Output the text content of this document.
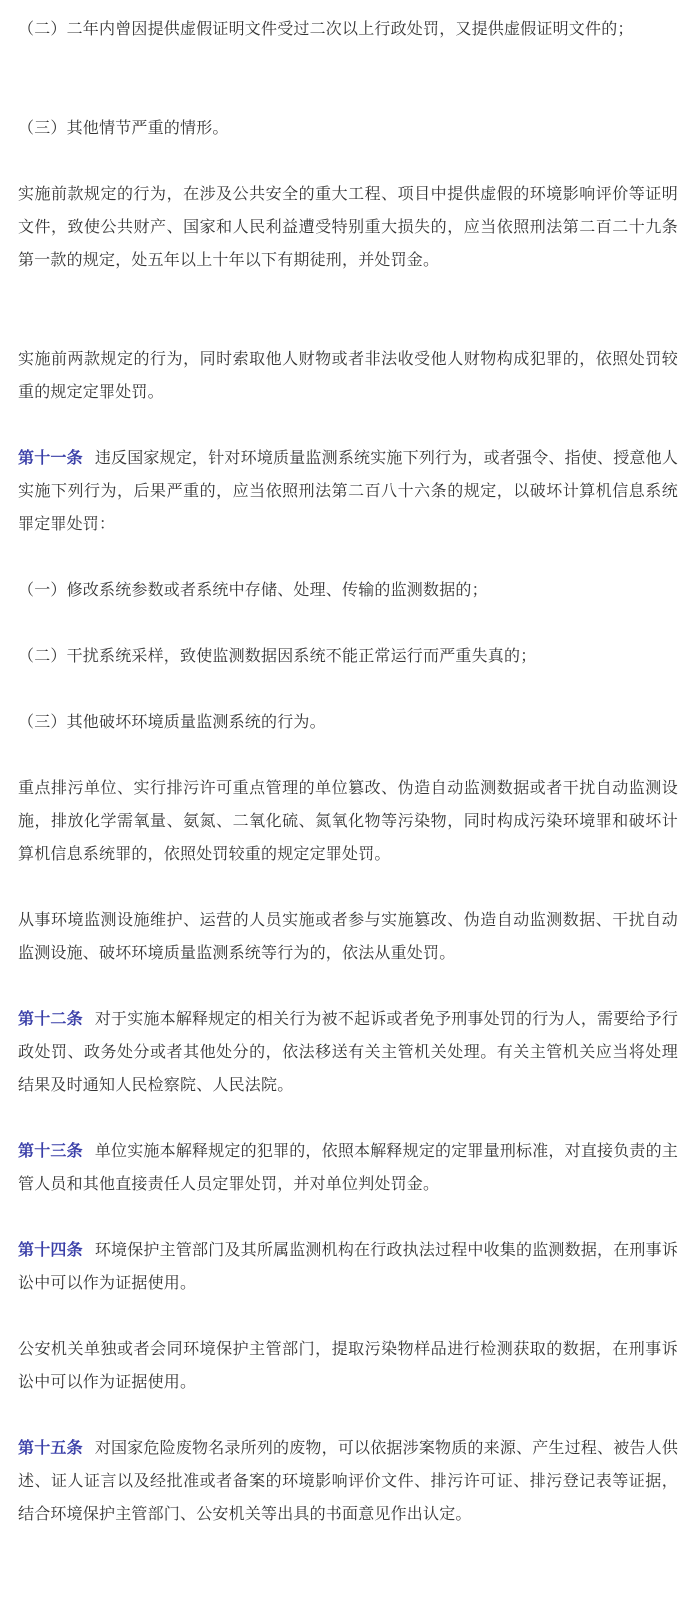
（二）二年内曾因提供虚假证明文件受过二次以上行政处罚，又提供虚假证明文件的；

（三）其他情节严重的情形。

实施前款规定的行为，在涉及公共安全的重大工程、项目中提供虚假的环境影响评价等证明文件，致使公共财产、国家和人民利益遭受特别重大损失的，应当依照刑法第二百二十九条第一款的规定，处五年以上十年以下有期徒刑，并处罚金。

实施前两款规定的行为，同时索取他人财物或者非法收受他人财物构成犯罪的，依照处罚较重的规定定罪处罚。

第十一条 违反国家规定，针对环境质量监测系统实施下列行为，或者强令、指使、授意他人实施下列行为，后果严重的，应当依照刑法第二百八十六条的规定，以破坏计算机信息系统罪定罪处罚：

（一）修改系统参数或者系统中存储、处理、传输的监测数据的；

（二）干扰系统采样，致使监测数据因系统不能正常运行而严重失真的；

（三）其他破坏环境质量监测系统的行为。

重点排污单位、实行排污许可重点管理的单位篡改、伪造自动监测数据或者干扰自动监测设施，排放化学需氧量、氨氮、二氧化硫、氮氧化物等污染物，同时构成污染环境罪和破坏计算机信息系统罪的，依照处罚较重的规定定罪处罚。

从事环境监测设施维护、运营的人员实施或者参与实施篡改、伪造自动监测数据、干扰自动监测设施、破坏环境质量监测系统等行为的，依法从重处罚。

第十二条 对于实施本解释规定的相关行为被不起诉或者免予刑事处罚的行为人，需要给予行政处罚、政务处分或者其他处分的，依法移送有关主管机关处理。有关主管机关应当将处理结果及时通知人民检察院、人民法院。

第十三条 单位实施本解释规定的犯罪的，依照本解释规定的定罪量刑标准，对直接负责的主管人员和其他直接责任人员定罪处罚，并对单位判处罚金。

第十四条 环境保护主管部门及其所属监测机构在行政执法过程中收集的监测数据，在刑事诉讼中可以作为证据使用。

公安机关单独或者会同环境保护主管部门，提取污染物样品进行检测获取的数据，在刑事诉讼中可以作为证据使用。

第十五条 对国家危险废物名录所列的废物，可以依据涉案物质的来源、产生过程、被告人供述、证人证言以及经批准或者备案的环境影响评价文件、排污许可证、排污登记表等证据，结合环境保护主管部门、公安机关等出具的书面意见作出认定。
